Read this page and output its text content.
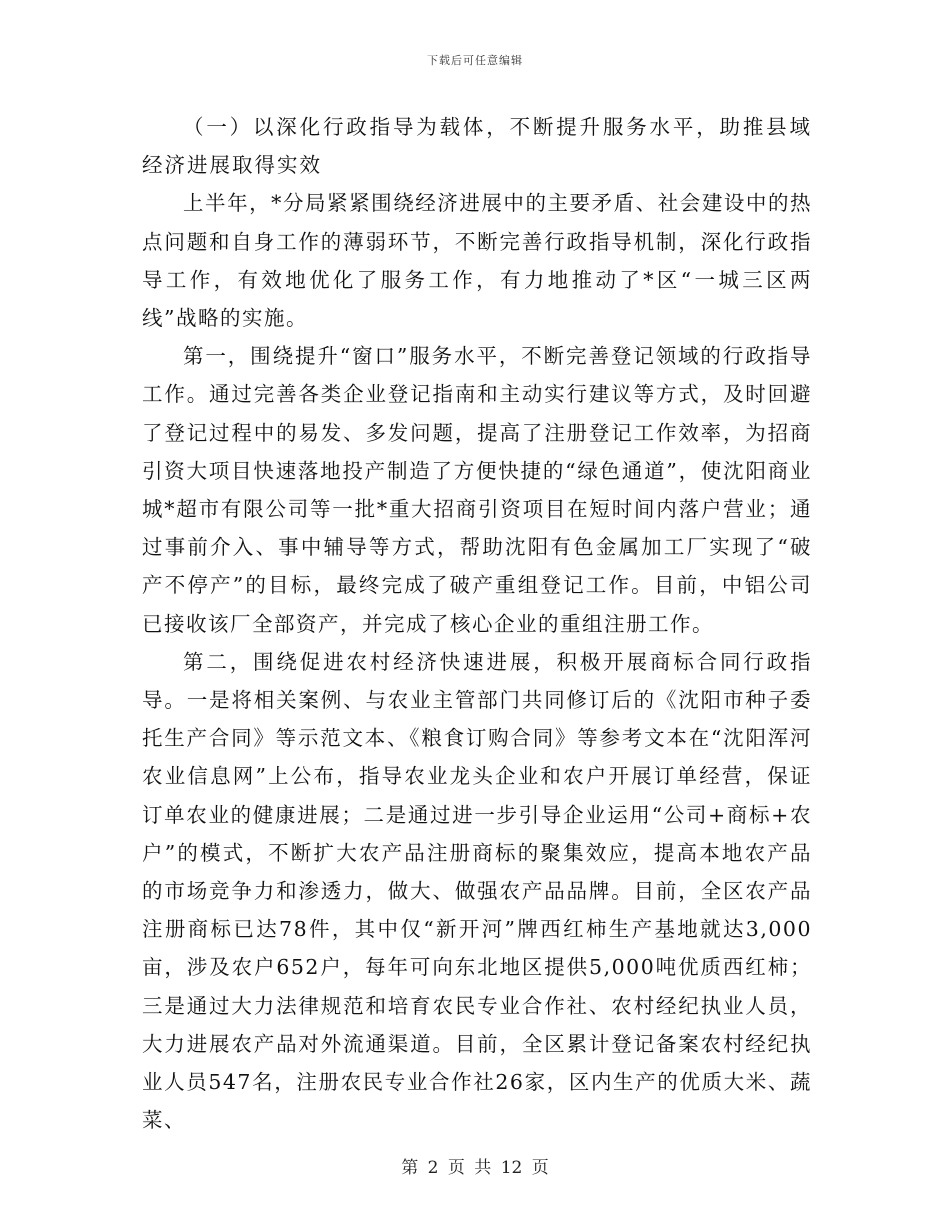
下载后可任意编辑

（一）以深化行政指导为载体，不断提升服务水平，助推县域经济进展取得实效

上半年，*分局紧紧围绕经济进展中的主要矛盾、社会建设中的热点问题和自身工作的薄弱环节，不断完善行政指导机制，深化行政指导工作，有效地优化了服务工作，有力地推动了*区“一城三区两线”战略的实施。

第一，围绕提升“窗口”服务水平，不断完善登记领域的行政指导工作。通过完善各类企业登记指南和主动实行建议等方式，及时回避了登记过程中的易发、多发问题，提高了注册登记工作效率，为招商引资大项目快速落地投产制造了方便快捷的“绿色通道”，使沈阳商业城*超市有限公司等一批*重大招商引资项目在短时间内落户营业；通过事前介入、事中辅导等方式，帮助沈阳有色金属加工厂实现了“破产不停产”的目标，最终完成了破产重组登记工作。目前，中铝公司已接收该厂全部资产，并完成了核心企业的重组注册工作。

第二，围绕促进农村经济快速进展，积极开展商标合同行政指导。一是将相关案例、与农业主管部门共同修订后的《沈阳市种子委托生产合同》等示范文本、《粮食订购合同》等参考文本在“沈阳浑河农业信息网”上公布，指导农业龙头企业和农户开展订单经营，保证订单农业的健康进展；二是通过进一步引导企业运用“公司+商标+农户”的模式，不断扩大农产品注册商标的聚集效应，提高本地农产品的市场竞争力和渗透力，做大、做强农产品品牌。目前，全区农产品注册商标已达78件，其中仅“新开河”牌西红柿生产基地就达3,000亩，涉及农户652户，每年可向东北地区提供5,000吨优质西红柿；三是通过大力法律规范和培育农民专业合作社、农村经纪执业人员，大力进展农产品对外流通渠道。目前，全区累计登记备案农村经纪执业人员547名，注册农民专业合作社26家，区内生产的优质大米、蔬菜、

第 2 页 共 12 页
